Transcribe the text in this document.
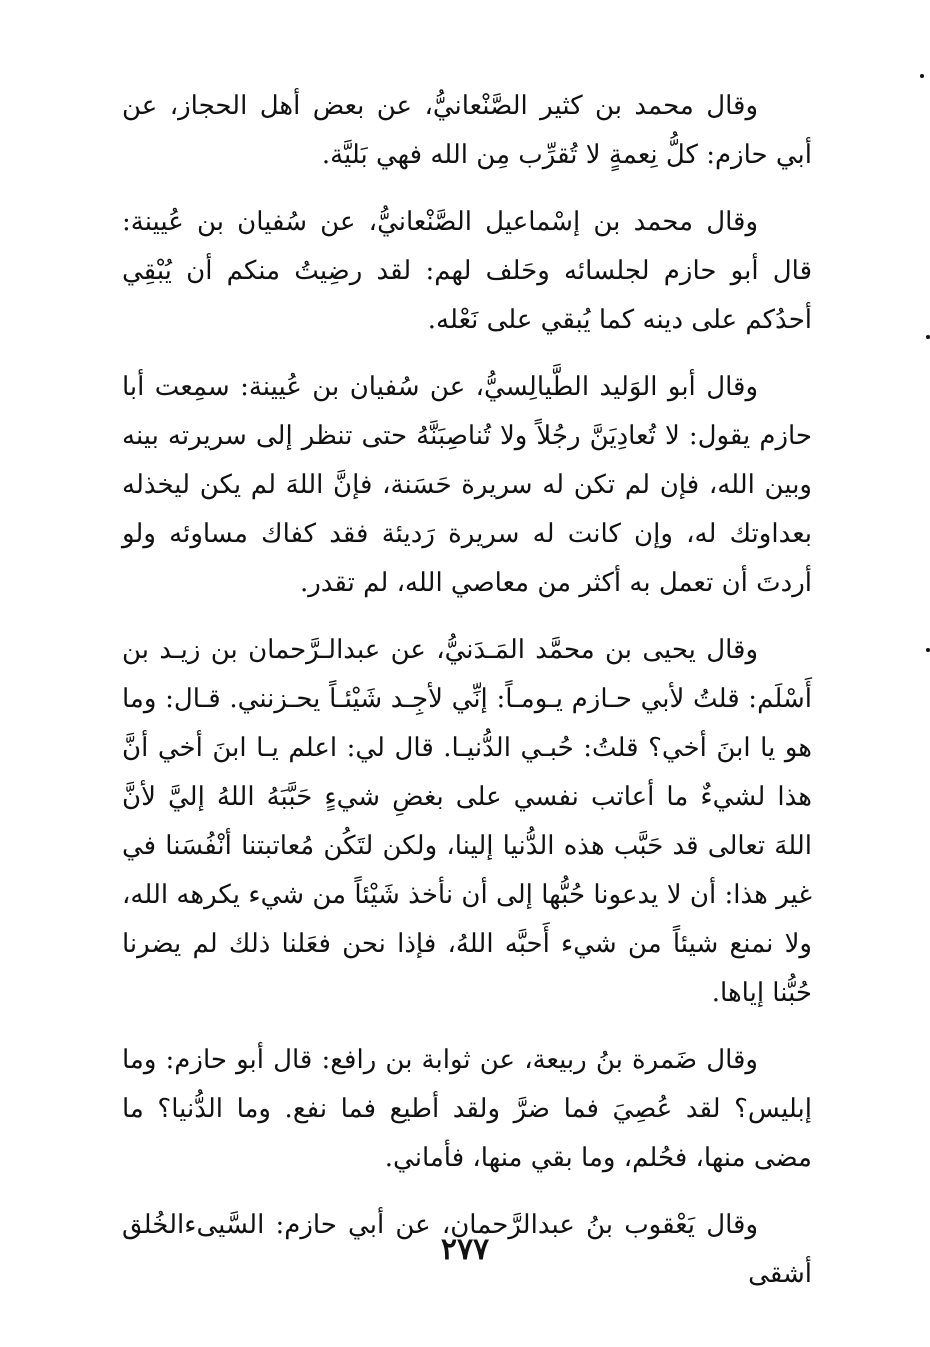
وقال محمد بن كثير الصَّنْعانيُّ، عن بعض أهل الحجاز، عن أبي حازم: كلُّ نِعمةٍ لا تُقرِّب مِن الله فهي بَليَّة.

وقال محمد بن إسْماعيل الصَّنْعانيُّ، عن سُفيان بن عُيينة: قال أبو حازم لجلسائه وحَلف لهم: لقد رضِيتُ منكم أن يُبْقِي أحدُكم على دينه كما يُبقي على نَعْله.

وقال أبو الوَليد الطَّيالِسيُّ، عن سُفيان بن عُيينة: سمِعت أبا حازم يقول: لا تُعادِيَنَّ رجُلاً ولا تُناصِبَنَّهُ حتى تنظر إلى سريرته بينه وبين الله، فإن لم تكن له سريرة حَسَنة، فإنَّ اللهَ لم يكن ليخذله بعداوتك له، وإن كانت له سريرة رَديئة فقد كفاك مساوئه ولو أردتَ أن تعمل به أكثر من معاصي الله، لم تقدر.

وقال يحيى بن محمَّد المَـدَنيُّ، عن عبدالـرَّحمان بن زيـد بن أَسْلَم: قلتُ لأبي حـازم يـومـاً: إنِّي لأجِـد شَيْئـاً يحـزنني. قـال: وما هو يا ابنَ أخي؟ قلتُ: حُبـي الدُّنيـا. قال لي: اعلم يـا ابنَ أخي أنَّ هذا لشيءٌ ما أعاتب نفسي على بغضِ شيءٍ حَبَّبَهُ اللهُ إليَّ لأنَّ اللهَ تعالى قد حَبَّب هذه الدُّنيا إلينا، ولكن لتَكُن مُعاتبتنا أنْفُسَنا في غير هذا: أن لا يدعونا حُبُّها إلى أن نأخذ شَيْئاً من شيء يكرهه الله، ولا نمنع شيئاً من شيء أَحبَّه اللهُ، فإذا نحن فعَلنا ذلك لم يضرنا حُبُّنا إياها.

وقال ضَمرة بنُ ربيعة، عن ثوابة بن رافع: قال أبو حازم: وما إبليس؟ لقد عُصِيَ فما ضرَّ ولقد أطيع فما نفع. وما الدُّنيا؟ ما مضى منها، فحُلم، وما بقي منها، فأماني.

وقال يَعْقوب بنُ عبدالرَّحمان، عن أبي حازم: السَّيىءالخُلق أشقى

٢٧٧
